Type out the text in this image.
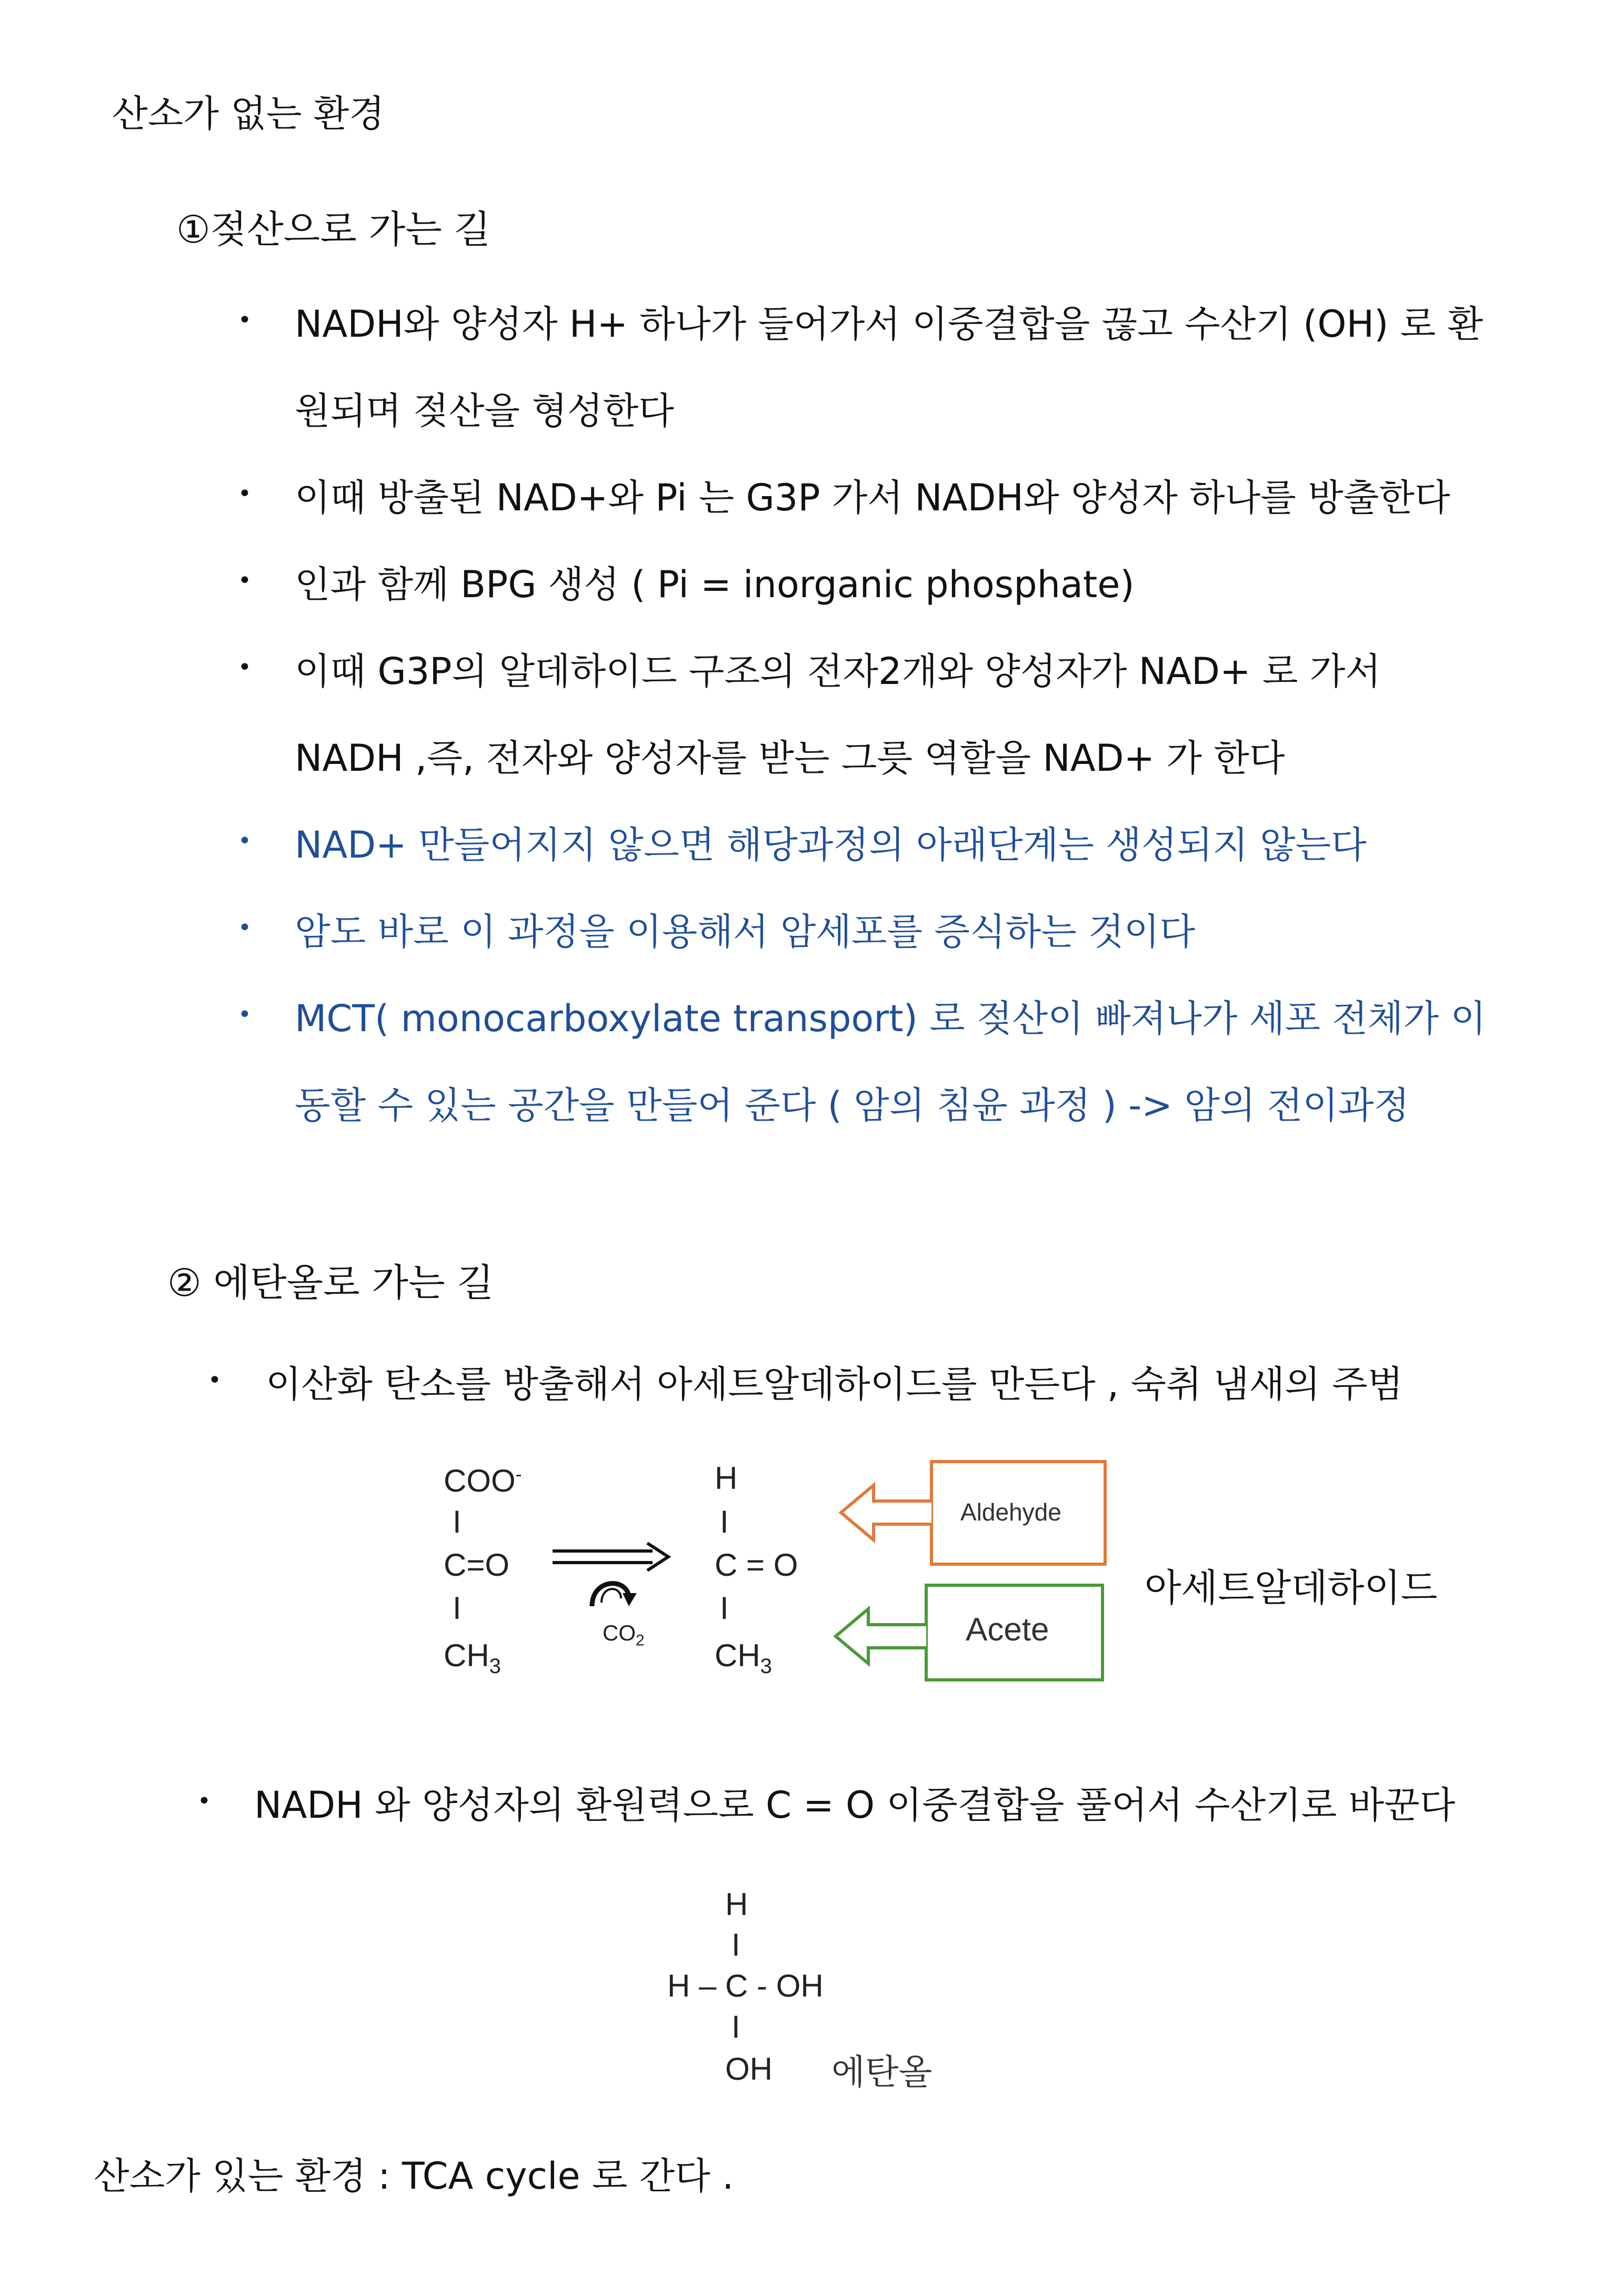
산소가 없는 환경
①젖산으로 가는 길
• NADH와 양성자 H+ 하나가 들어가서 이중결합을 끊고 수산기 (OH) 로 환
원되며 젖산을 형성한다
• 이때 방출된 NAD+와 Pi 는 G3P 가서 NADH와 양성자 하나를 방출한다
• 인과 함께 BPG 생성 ( Pi = inorganic phosphate)
• 이때 G3P의 알데하이드 구조의 전자2개와 양성자가 NAD+ 로 가서
NADH ,즉, 전자와 양성자를 받는 그릇 역할을 NAD+ 가 한다
• NAD+ 만들어지지 않으면 해당과정의 아래단계는 생성되지 않는다
• 암도 바로 이 과정을 이용해서 암세포를 증식하는 것이다
• MCT( monocarboxylate transport) 로 젖산이 빠져나가 세포 전체가 이
동할 수 있는 공간을 만들어 준다 ( 암의 침윤 과정 ) -> 암의 전이과정
② 에탄올로 가는 길
• 이산화 탄소를 방출해서 아세트알데하이드를 만든다 , 숙취 냄새의 주범
COO-
I
C=O
I
$CH_3$
$CO_2$
H
I
C = O
I
$CH_3$
Aldehyde
Acete
아세트알데하이드
• NADH 와 양성자의 환원력으로 C = O 이중결합을 풀어서 수산기로 바꾼다
H
I
H – C - OH
I
OH 에탄올
산소가 있는 환경 : TCA cycle 로 간다 .
